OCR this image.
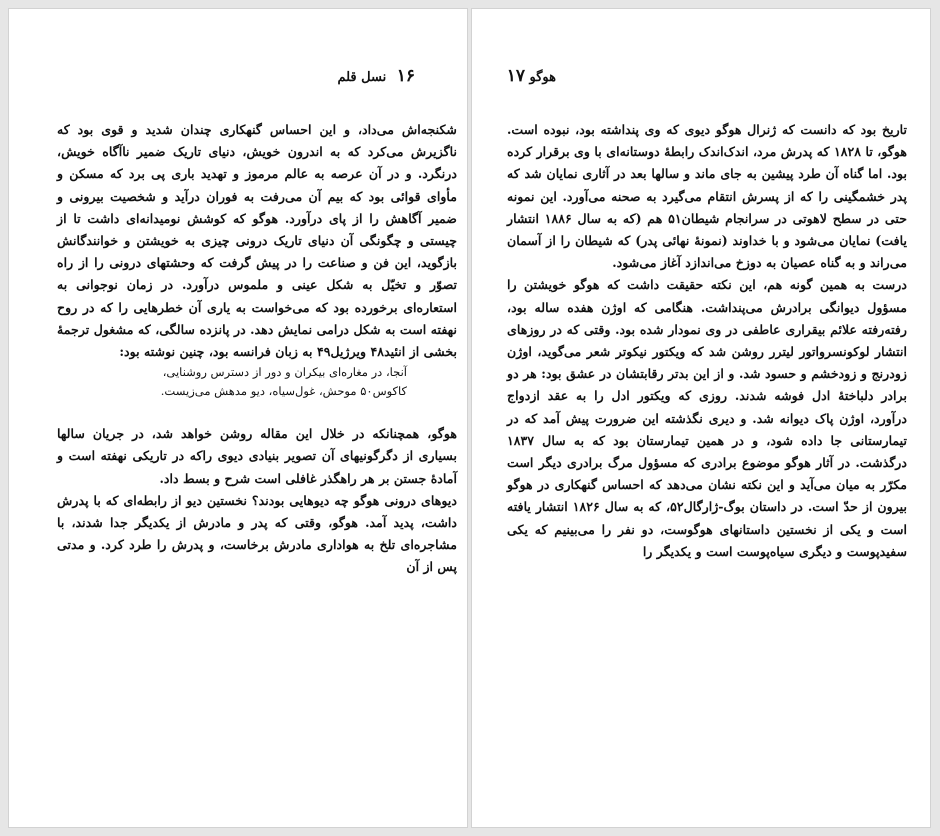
۱۶ نسل قلم

شکنجه‌اش می‌داد، و این احساس گنهکاری چندان شدید و قوی بود که ناگزیرش می‌کرد که به اندرون خویش، دنیای تاریک ضمیر ناآگاه خویش، درنگرد. و در آن عرصه به عالم مرموز و تهدید باری پی برد که مسکن و مأوای قوائی بود که بیم آن می‌رفت به فوران درآید و شخصیت بیرونی و ضمیر آگاهش را از پای درآورد. هوگو که کوشش نومیدانه‌ای داشت تا از چیستی و چگونگی آن دنیای تاریک درونی چیزی به خویشتن و خوانندگانش بازگوید، این فن و صناعت را در پیش گرفت که وحشتهای درونی را از راه تصوّر و تخیّل به شکل عینی و ملموس درآورد. در زمان نوجوانی به استعاره‌ای برخورده بود که می‌خواست به یاری آن خطرهایی را که در روح نهفته است به شکل درامی نمایش دهد. در پانزده سالگی، که مشغول ترجمهٔ بخشی از انئید۴۸ ویرژیل۴۹ به زبان فرانسه بود، چنین نوشته بود:

آنجا، در مغاره‌ای بیکران و دور از دسترس روشنایی،

کاکوس۵۰ موحش، غول‌سیاه، دیو مدهش می‌زیست.

هوگو، همچنانکه در خلال این مقاله روشن خواهد شد، در جریان سالها بسیاری از دگرگونیهای آن تصویر بنیادی دیوی راکه در تاریکی نهفته است و آمادهٔ جستن بر هر راهگذر غافلی است شرح و بسط داد.

دیوهای درونی هوگو چه دیوهایی بودند؟ نخستین دیو از رابطه‌ای که با پدرش داشت، پدید آمد. هوگو، وقتی که پدر و مادرش از یکدیگر جدا شدند، با مشاجره‌ای تلخ به هواداری مادرش برخاست، و پدرش را طرد کرد. و مدتی پس از آن

هوگو ۱۷

تاریخ بود که دانست که ژنرال هوگو دیوی که وی پنداشته بود، نبوده است. هوگو، تا ۱۸۲۸ که پدرش مرد، اندک‌اندک رابطهٔ دوستانه‌ای با وی برقرار کرده بود. اما گناه آن طرد پیشین به جای ماند و سالها بعد در آثاری نمایان شد که پدر خشمگینی را که از پسرش انتقام می‌گیرد به صحنه می‌آورد. این نمونه حتی در سطح لاهوتی در سرانجام شیطان۵۱ هم (که به سال ۱۸۸۶ انتشار یافت) نمایان می‌شود و با خداوند (نمونهٔ نهائی پدر) که شیطان را از آسمان می‌راند و به گناه عصیان به دوزخ می‌اندازد آغاز می‌شود.

درست به همین گونه هم، این نکته حقیقت داشت که هوگو خویشتن را مسؤول دیوانگی برادرش می‌پنداشت. هنگامی که اوژن هفده ساله بود، رفته‌رفته علائم بیقراری عاطفی در وی نمودار شده بود. وقتی که در روزهای انتشار لوکونسرواتور لیترر روشن شد که ویکتور نیکوتر شعر می‌گوید، اوژن زودرنج و زودخشم و حسود شد. و از این بدتر رقابتشان در عشق بود: هر دو برادر دلباختهٔ ادل فوشه شدند. روزی که ویکتور ادل را به عقد ازدواج درآورد، اوژن پاک دیوانه شد. و دیری نگذشته این ضرورت پیش آمد که در تیمارستانی جا داده شود، و در همین تیمارستان بود که به سال ۱۸۳۷ درگذشت. در آثار هوگو موضوع برادری که مسؤول مرگ برادری دیگر است مکرّر به میان می‌آید و این نکته نشان می‌دهد که احساس گنهکاری در هوگو بیرون از حدّ است. در داستان بوگ-ژارگال۵۲، که به سال ۱۸۲۶ انتشار یافته است و یکی از نخستین داستانهای هوگوست، دو نفر را می‌بینیم که یکی سفیدپوست و دیگری سیاه‌پوست است و یکدیگر را
